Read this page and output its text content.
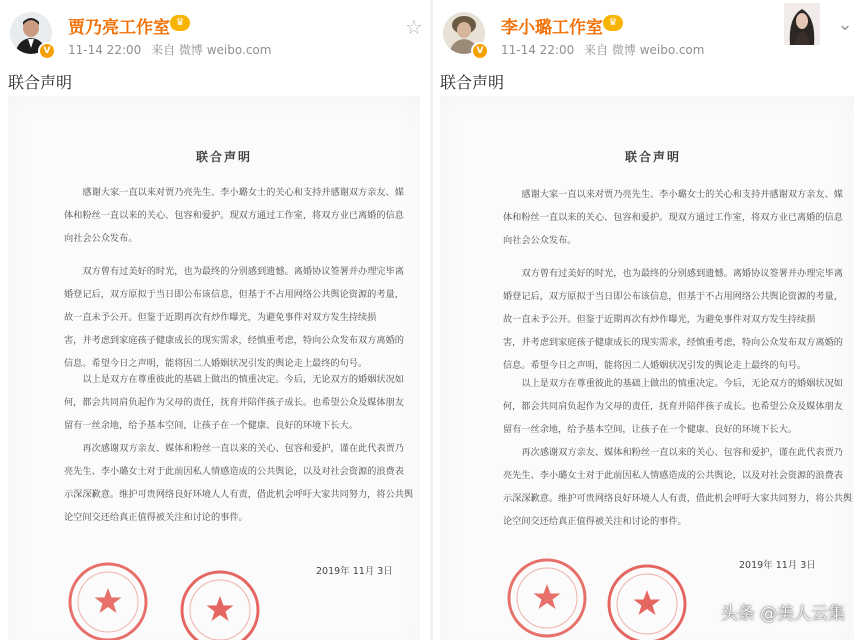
V
贾乃亮工作室 ♛
11-14 22:00 来自 微博 weibo.com
☆
联合声明
联合声明

感谢大家一直以来对贾乃亮先生、李小璐女士的关心和支持并感谢双方亲友、媒

体和粉丝一直以来的关心、包容和爱护。现双方通过工作室，将双方业已离婚的信息

向社会公众发布。

双方曾有过美好的时光，也为最终的分别感到遗憾。离婚协议签署并办理完毕离

婚登记后，双方原拟于当日即公布该信息，但基于不占用网络公共舆论资源的考量，

故一直未予公开。但鉴于近期再次有炒作曝光，为避免事件对双方发生持续损

害，并考虑到家庭孩子健康成长的现实需求，经慎重考虑，特向公众发布双方离婚的

信息。希望今日之声明，能将因二人婚姻状况引发的舆论走上最终的句号。

以上是双方在尊重彼此的基础上做出的慎重决定。今后，无论双方的婚姻状况如

何，都会共同肩负起作为父母的责任，抚育并陪伴孩子成长。也希望公众及媒体朋友

留有一丝余地，给予基本空间，让孩子在一个健康、良好的环境下长大。

再次感谢双方亲友、媒体和粉丝一直以来的关心、包容和爱护，谨在此代表贾乃

亮先生、李小璐女士对于此前因私人情感造成的公共舆论，以及对社会资源的浪费表

示深深歉意。维护可贵网络良好环境人人有责，借此机会呼吁大家共同努力，将公共舆

论空间交还给真正值得被关注和讨论的事件。

2019年 11月 3日
V
李小璐工作室 ♛
11-14 22:00 来自 微博 weibo.com
⌄
联合声明
联合声明

感谢大家一直以来对贾乃亮先生、李小璐女士的关心和支持并感谢双方亲友、媒

体和粉丝一直以来的关心、包容和爱护。现双方通过工作室，将双方业已离婚的信息

向社会公众发布。

双方曾有过美好的时光，也为最终的分别感到遗憾。离婚协议签署并办理完毕离

婚登记后，双方原拟于当日即公布该信息，但基于不占用网络公共舆论资源的考量，

故一直未予公开。但鉴于近期再次有炒作曝光，为避免事件对双方发生持续损

害，并考虑到家庭孩子健康成长的现实需求，经慎重考虑，特向公众发布双方离婚的

信息。希望今日之声明，能将因二人婚姻状况引发的舆论走上最终的句号。

以上是双方在尊重彼此的基础上做出的慎重决定。今后，无论双方的婚姻状况如

何，都会共同肩负起作为父母的责任，抚育并陪伴孩子成长。也希望公众及媒体朋友

留有一丝余地，给予基本空间，让孩子在一个健康、良好的环境下长大。

再次感谢双方亲友、媒体和粉丝一直以来的关心、包容和爱护，谨在此代表贾乃

亮先生、李小璐女士对于此前因私人情感造成的公共舆论，以及对社会资源的浪费表

示深深歉意。维护可贵网络良好环境人人有责，借此机会呼吁大家共同努力，将公共舆

论空间交还给真正值得被关注和讨论的事件。

2019年 11月 3日
头条 @美人云集
